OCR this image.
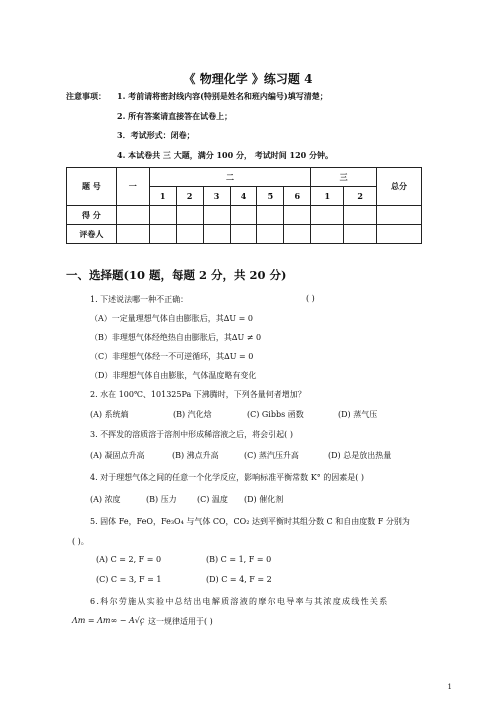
《 物理化学 》练习题 4
注意事项： 1. 考前请将密封线内容(特别是姓名和班内编号)填写清楚；
2. 所有答案请直接答在试卷上；
3．考试形式：闭卷；
4. 本试卷共 三 大题，满分 100 分， 考试时间 120 分钟。
题 号	一	二						三		总分
		1	2	3	4	5	6	1	2	
得 分										
评卷人										
一、选择题(10 题，每题 2 分，共 20 分)
1. 下述说法哪一种不正确：	( )
（A）一定量理想气体自由膨胀后，其∆U = 0
（B）非理想气体经绝热自由膨胀后，其∆U ≠ 0
（C）非理想气体经一不可逆循环，其∆U = 0
（D）非理想气体自由膨胀，气体温度略有变化
2. 水在 100℃、101325Pa 下沸腾时，下列各量何者增加？
(A) 系统熵	(B) 汽化焓	(C) Gibbs 函数	(D) 蒸气压
3. 不挥发的溶质溶于溶剂中形成稀溶液之后，将会引起( )
(A) 凝固点升高	(B) 沸点升高	(C) 蒸汽压升高	(D) 总是放出热量
4. 对于理想气体之间的任意一个化学反应，影响标准平衡常数 K° 的因素是( )
(A) 浓度	(B) 压力	(C) 温度 (D) 催化剂
5. 固体 Fe，FeO，Fe₃O₄ 与气体 CO，CO₂ 达到平衡时其组分数 C 和自由度数 F 分别为
( )。
(A) C = 2, F = 0	(B) C = 1, F = 0
(C) C = 3, F = 1	(D) C = 4, F = 2
6.科尔劳施从实验中总结出电解质溶液的摩尔电导率与其浓度成线性关系
Λm = Λm∞ − A√c
，这一规律适用于( )
1
